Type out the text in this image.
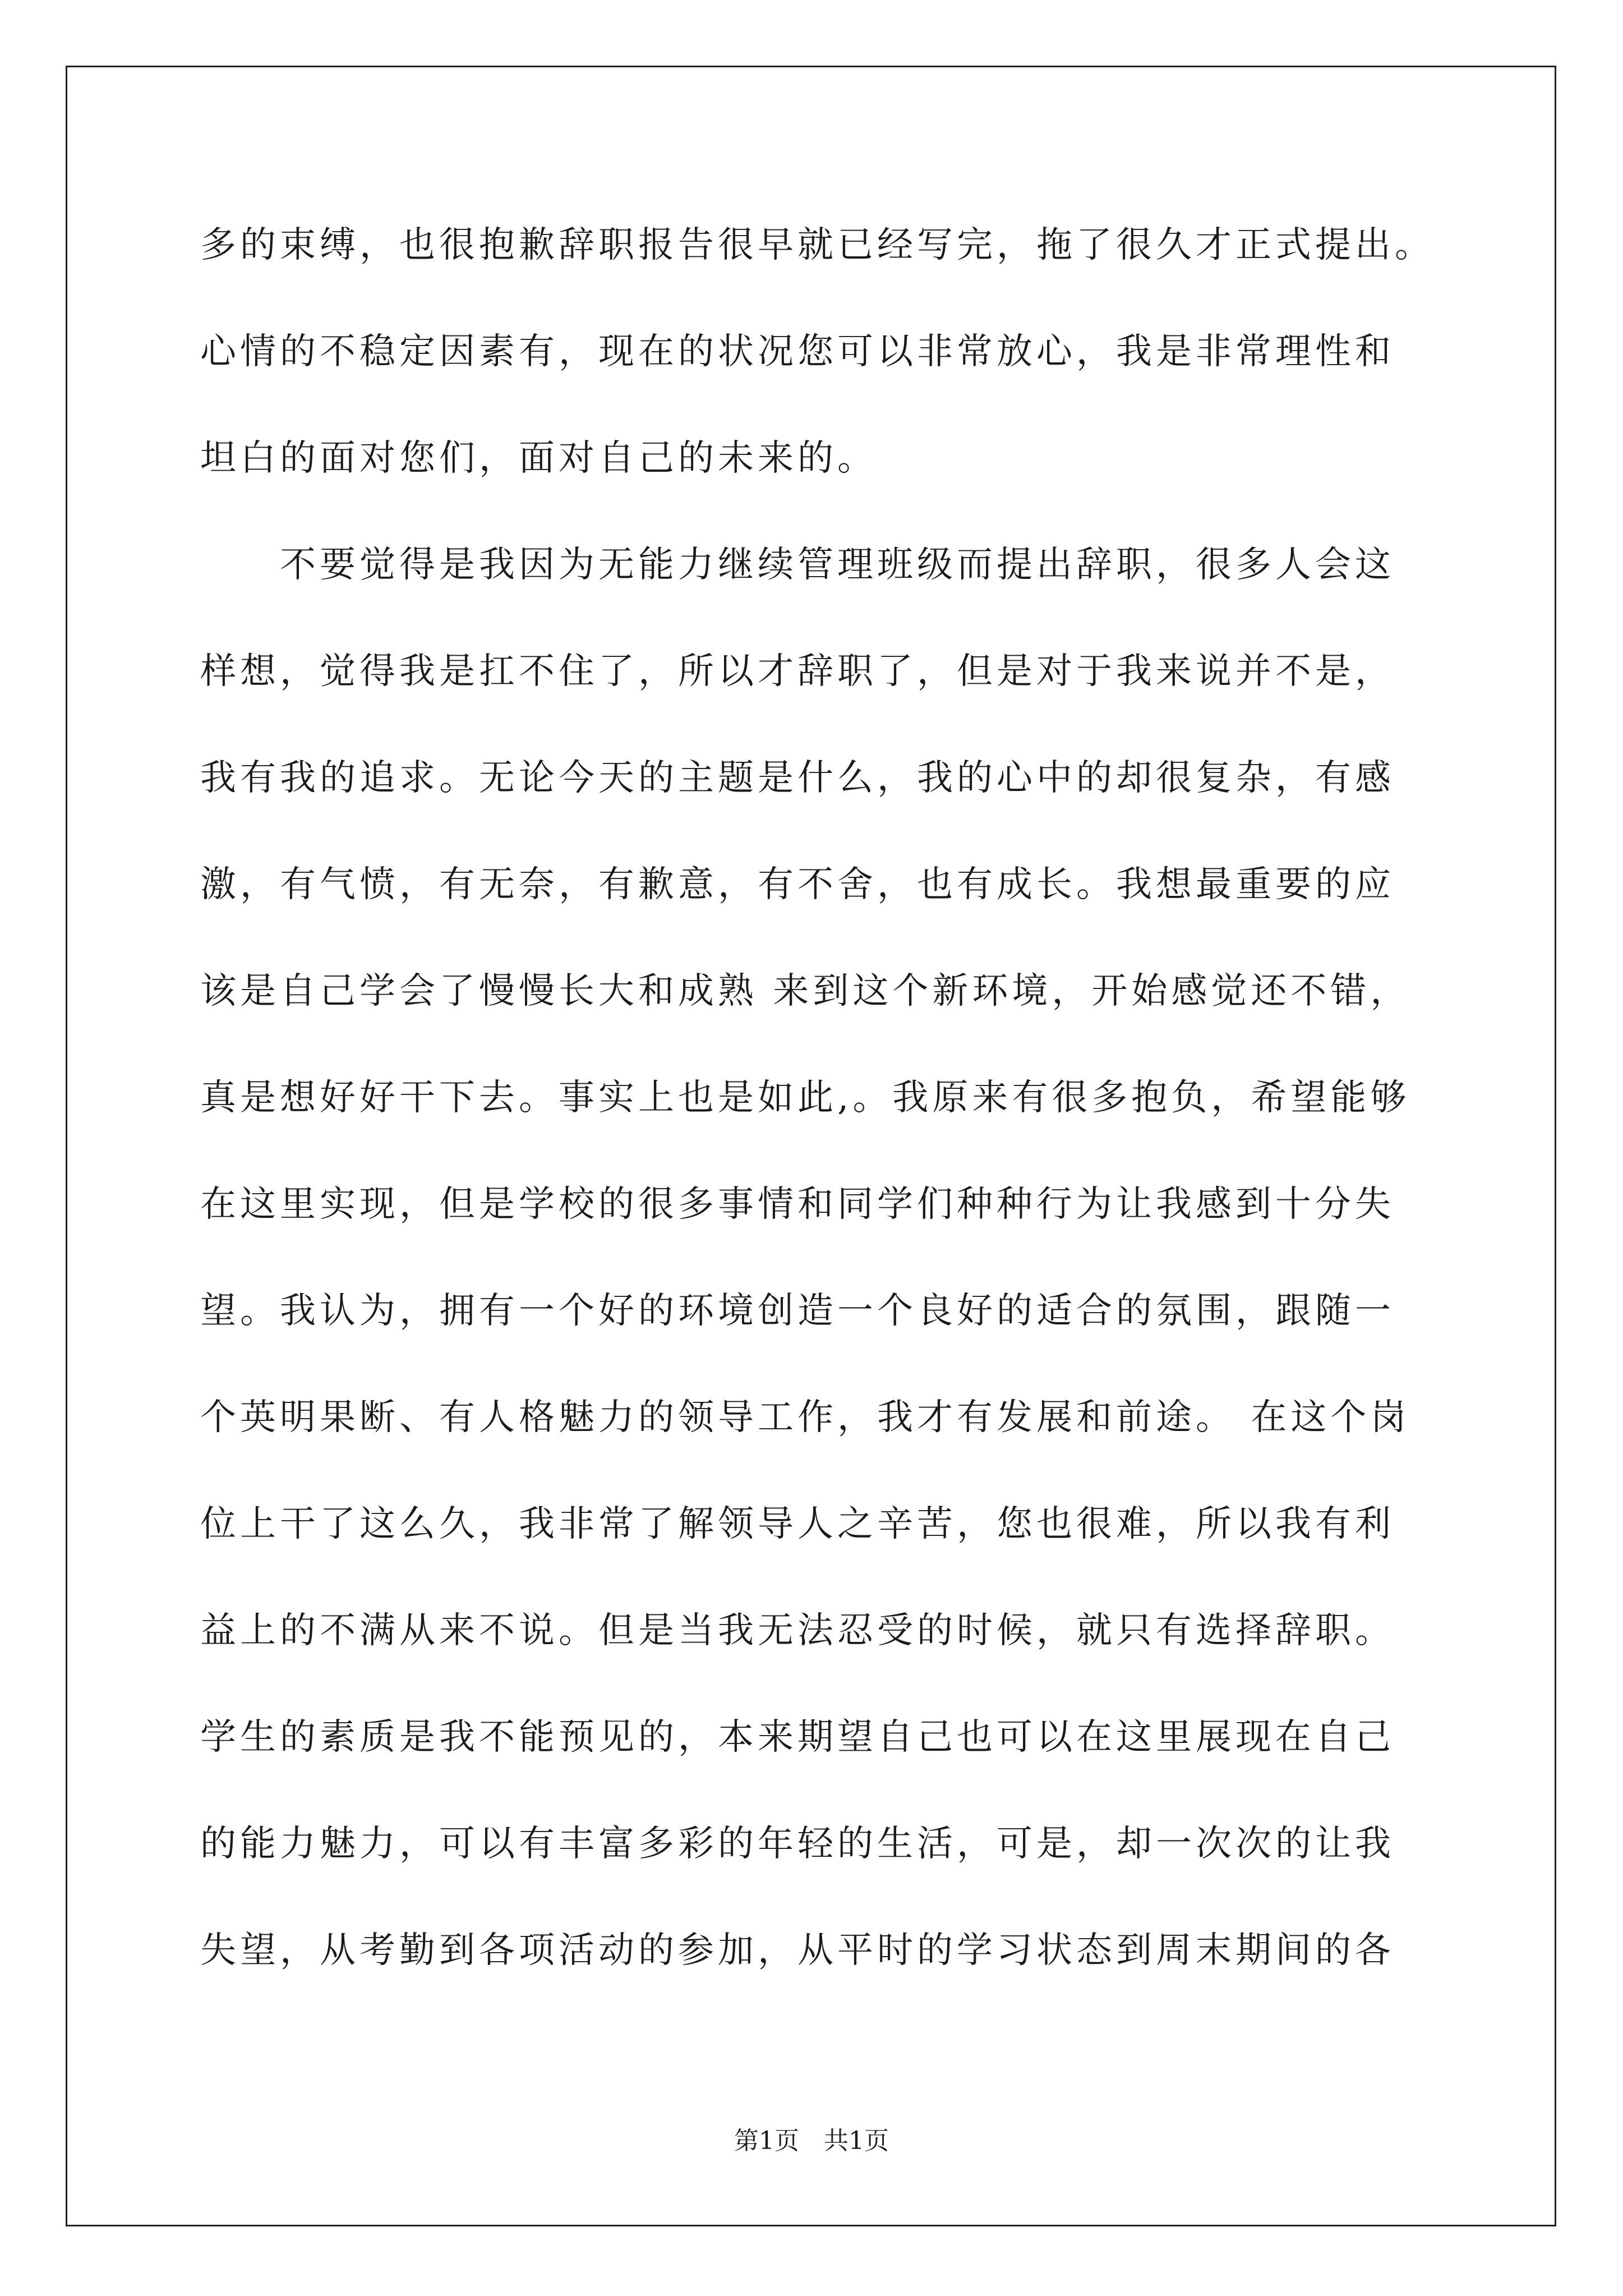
多的束缚，也很抱歉辞职报告很早就已经写完，拖了很久才正式提出。
心情的不稳定因素有，现在的状况您可以非常放心，我是非常理性和
坦白的面对您们，面对自己的未来的。
　　不要觉得是我因为无能力继续管理班级而提出辞职，很多人会这
样想，觉得我是扛不住了，所以才辞职了，但是对于我来说并不是，
我有我的追求。无论今天的主题是什么，我的心中的却很复杂，有感
激，有气愤，有无奈，有歉意，有不舍，也有成长。我想最重要的应
该是自己学会了慢慢长大和成熟 来到这个新环境，开始感觉还不错，
真是想好好干下去。事实上也是如此,。我原来有很多抱负，希望能够
在这里实现，但是学校的很多事情和同学们种种行为让我感到十分失
望。我认为，拥有一个好的环境创造一个良好的适合的氛围，跟随一
个英明果断、有人格魅力的领导工作，我才有发展和前途。 在这个岗
位上干了这么久，我非常了解领导人之辛苦，您也很难，所以我有利
益上的不满从来不说。但是当我无法忍受的时候，就只有选择辞职。
学生的素质是我不能预见的，本来期望自己也可以在这里展现在自己
的能力魅力，可以有丰富多彩的年轻的生活，可是，却一次次的让我
失望，从考勤到各项活动的参加，从平时的学习状态到周末期间的各
第1页　共1页
